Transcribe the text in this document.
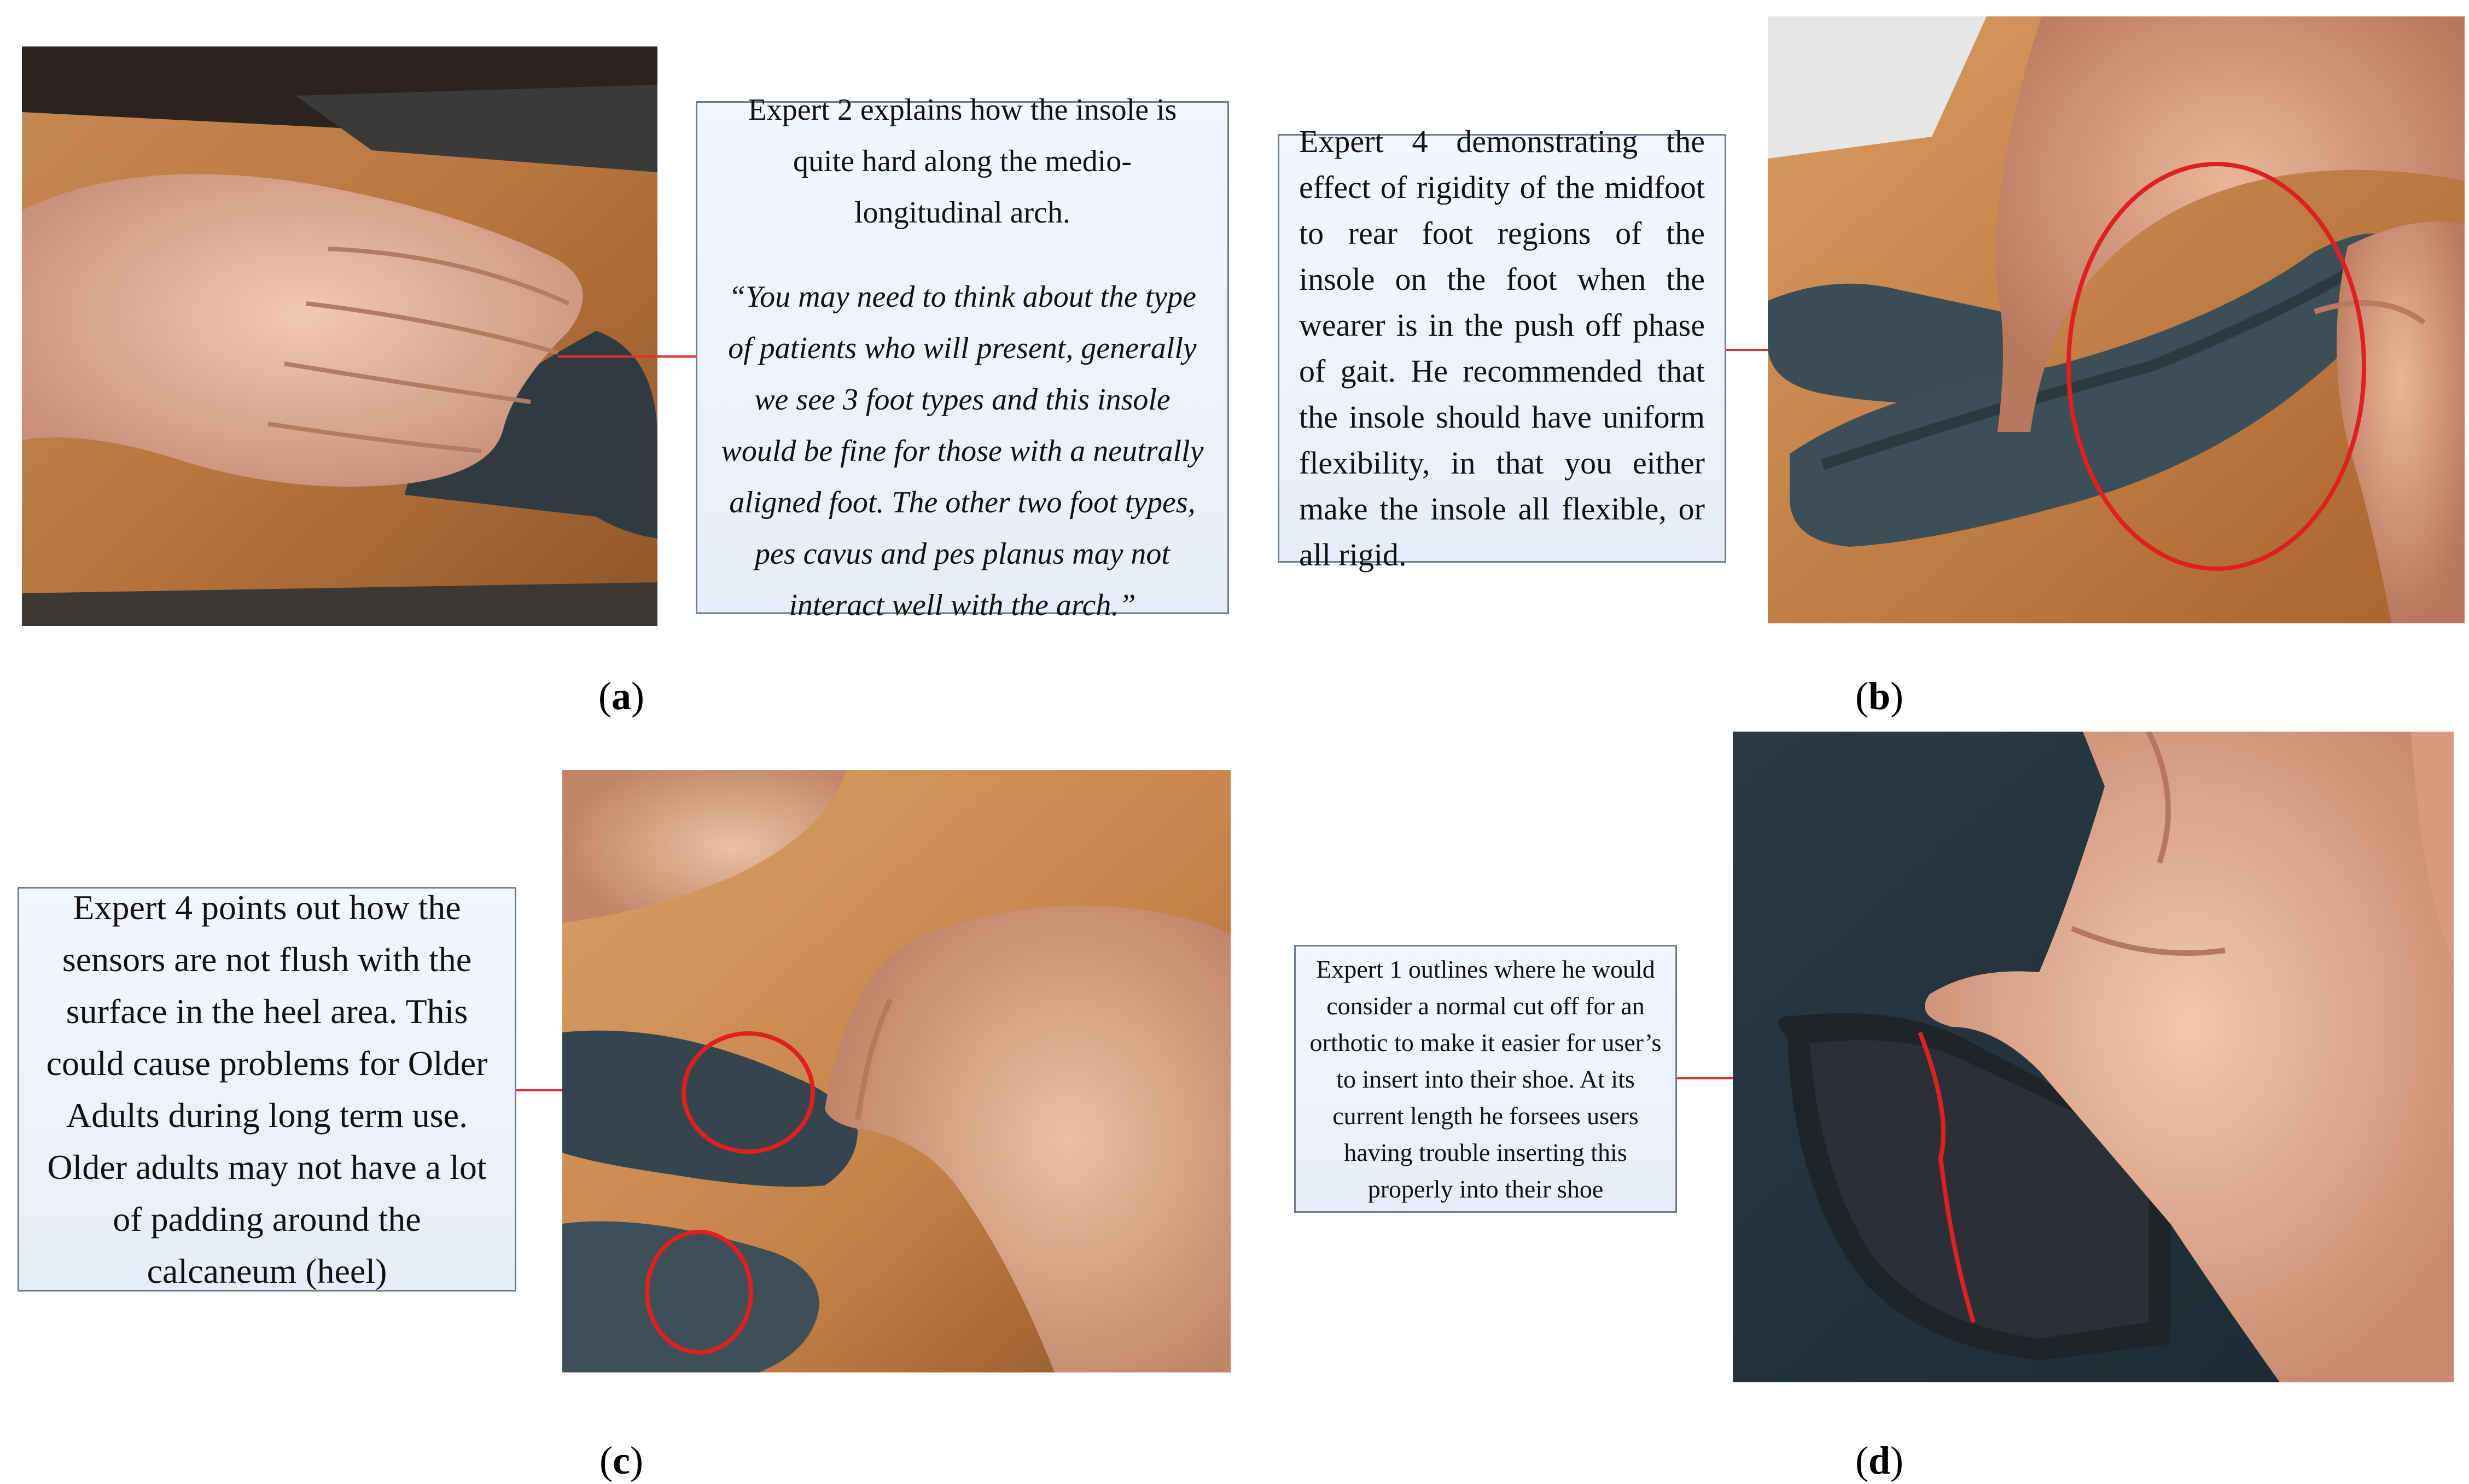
Expert 2 explains how the insole is quite hard along the medio-longitudinal arch.

“You may need to think about the type of patients who will present, generally we see 3 foot types and this insole would be fine for those with a neutrally aligned foot. The other two foot types, pes cavus and pes planus may not interact well with the arch.”

(a)

Expert 4 demonstrating the effect of rigidity of the midfoot to rear foot regions of the insole on the foot when the wearer is in the push off phase of gait. He recommended that the insole should have uniform flexibility, in that you either make the insole all flexible, or all rigid.

(b)

Expert 4 points out how the sensors are not flush with the surface in the heel area. This could cause problems for Older Adults during long term use. Older adults may not have a lot of padding around the calcaneum (heel)

(c)

Expert 1 outlines where he would consider a normal cut off for an orthotic to make it easier for user’s to insert into their shoe. At its current length he forsees users having trouble inserting this properly into their shoe

(d)
